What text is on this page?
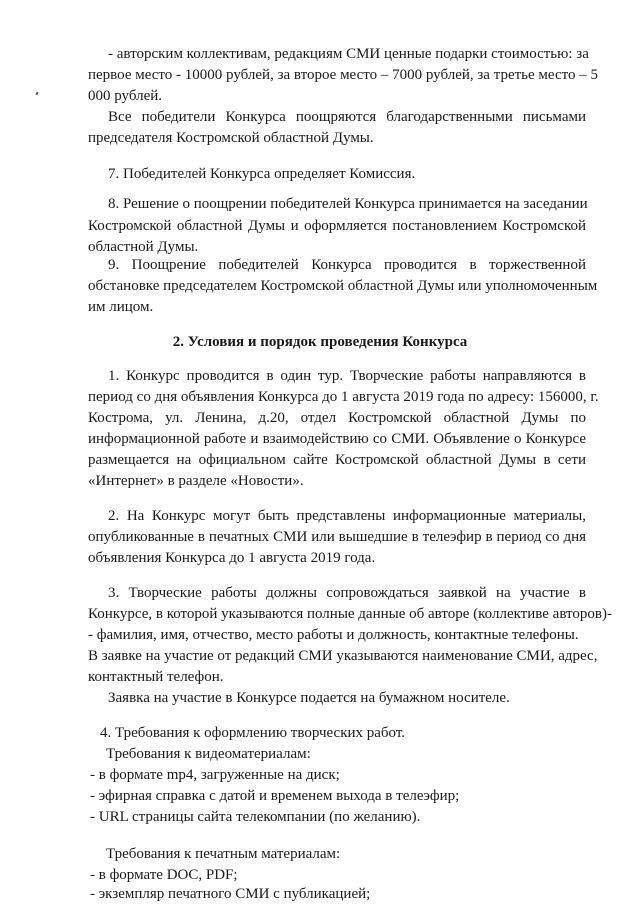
- авторским коллективам, редакциям СМИ ценные подарки стоимостью: за
первое место - 10000 рублей, за второе место – 7000 рублей, за третье место – 5
000 рублей.
Все победители Конкурса поощряются благодарственными письмами
председателя Костромской областной Думы.
7. Победителей Конкурса определяет Комиссия.
8. Решение о поощрении победителей Конкурса принимается на заседании
Костромской областной Думы и оформляется постановлением Костромской
областной Думы.
9. Поощрение победителей Конкурса проводится в торжественной
обстановке председателем Костромской областной Думы или уполномоченным
им лицом.
2. Условия и порядок проведения Конкурса
1. Конкурс проводится в один тур. Творческие работы направляются в
период со дня объявления Конкурса до 1 августа 2019 года по адресу: 156000, г.
Кострома, ул. Ленина, д.20, отдел Костромской областной Думы по
информационной работе и взаимодействию со СМИ. Объявление о Конкурсе
размещается на официальном сайте Костромской областной Думы в сети
«Интернет» в разделе «Новости».
2. На Конкурс могут быть представлены информационные материалы,
опубликованные в печатных СМИ или вышедшие в телеэфир в период со дня
объявления Конкурса до 1 августа 2019 года.
3. Творческие работы должны сопровождаться заявкой на участие в
Конкурсе, в которой указываются полные данные об авторе (коллективе авторов)-
- фамилия, имя, отчество, место работы и должность, контактные телефоны.
В заявке на участие от редакций СМИ указываются наименование СМИ, адрес,
контактный телефон.
Заявка на участие в Конкурсе подается на бумажном носителе.
4. Требования к оформлению творческих работ.
Требования к видеоматериалам:
- в формате mp4, загруженные на диск;
- эфирная справка с датой и временем выхода в телеэфир;
- URL страницы сайта телекомпании (по желанию).
Требования к печатным материалам:
- в формате DOC, PDF;
- экземпляр печатного СМИ с публикацией;
